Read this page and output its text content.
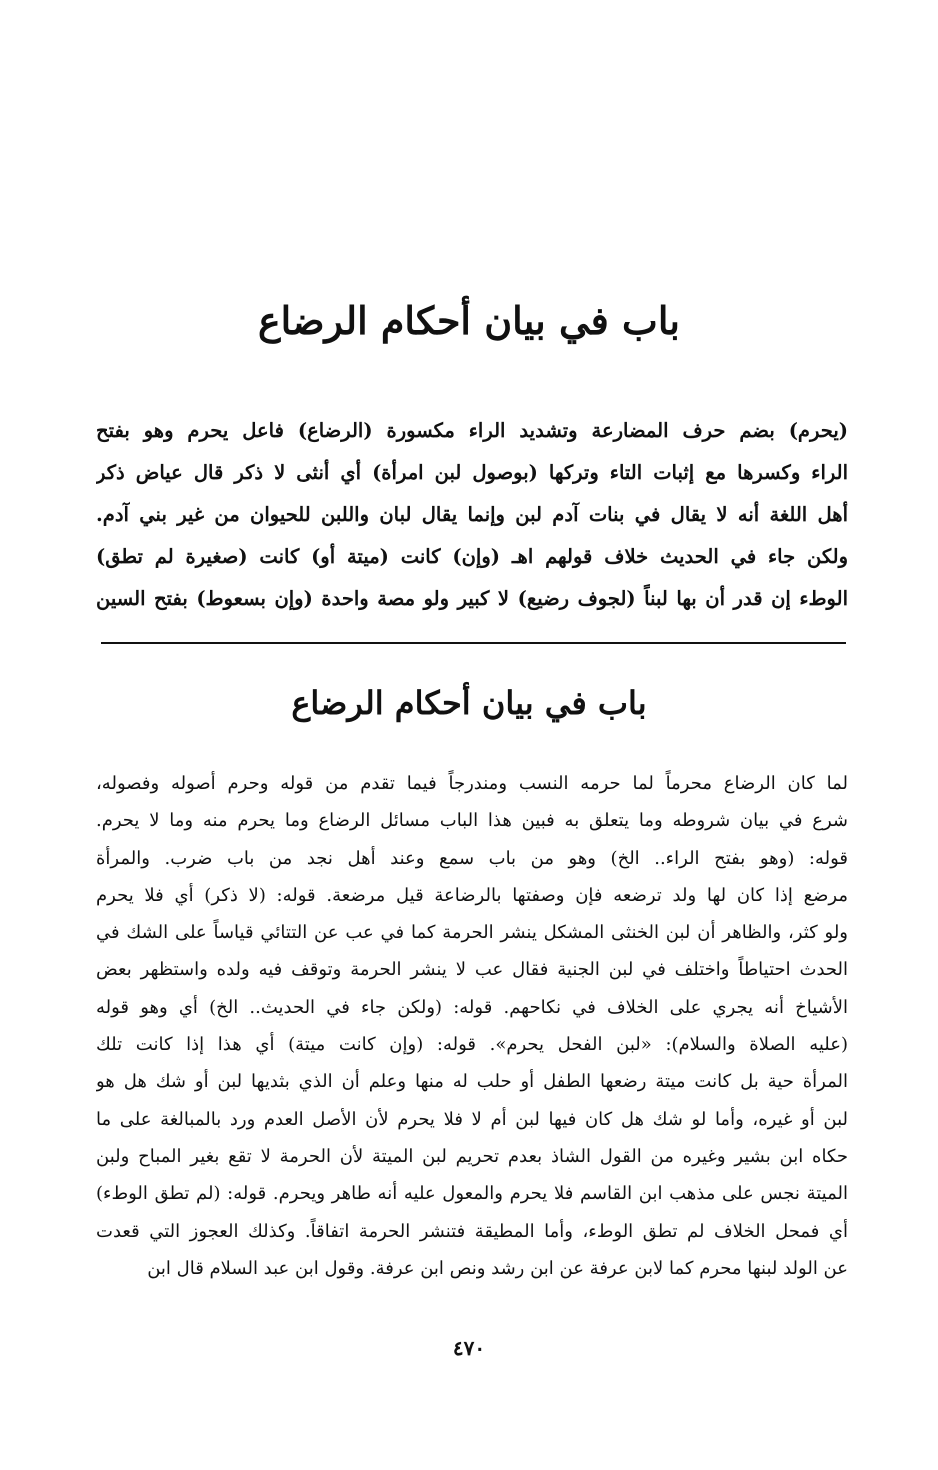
باب في بيان أحكام الرضاع

(يحرم) بضم حرف المضارعة وتشديد الراء مكسورة (الرضاع) فاعل يحرم وهو بفتح

الراء وكسرها مع إثبات التاء وتركها (بوصول لبن امرأة) أي أنثى لا ذكر قال عياض ذكر

أهل اللغة أنه لا يقال في بنات آدم لبن وإنما يقال لبان واللبن للحيوان من غير بني آدم.

ولكن جاء في الحديث خلاف قولهم اهـ (وإن) كانت (ميتة أو) كانت (صغيرة لم تطق)

الوطء إن قدر أن بها لبناً (لجوف رضيع) لا كبير ولو مصة واحدة (وإن بسعوط) بفتح السين

باب في بيان أحكام الرضاع

لما كان الرضاع محرماً لما حرمه النسب ومندرجاً فيما تقدم من قوله وحرم أصوله وفصوله،

شرع في بيان شروطه وما يتعلق به فبين هذا الباب مسائل الرضاع وما يحرم منه وما لا يحرم.

قوله: (وهو بفتح الراء.. الخ) وهو من باب سمع وعند أهل نجد من باب ضرب. والمرأة

مرضع إذا كان لها ولد ترضعه فإن وصفتها بالرضاعة قيل مرضعة. قوله: (لا ذكر) أي فلا يحرم

ولو كثر، والظاهر أن لبن الخنثى المشكل ينشر الحرمة كما في عب عن التتائي قياساً على الشك في

الحدث احتياطاً واختلف في لبن الجنية فقال عب لا ينشر الحرمة وتوقف فيه ولده واستظهر بعض

الأشياخ أنه يجري على الخلاف في نكاحهم. قوله: (ولكن جاء في الحديث.. الخ) أي وهو قوله

(عليه الصلاة والسلام): «لبن الفحل يحرم». قوله: (وإن كانت ميتة) أي هذا إذا كانت تلك

المرأة حية بل كانت ميتة رضعها الطفل أو حلب له منها وعلم أن الذي بثديها لبن أو شك هل هو

لبن أو غيره، وأما لو شك هل كان فيها لبن أم لا فلا يحرم لأن الأصل العدم ورد بالمبالغة على ما

حكاه ابن بشير وغيره من القول الشاذ بعدم تحريم لبن الميتة لأن الحرمة لا تقع بغير المباح ولبن

الميتة نجس على مذهب ابن القاسم فلا يحرم والمعول عليه أنه طاهر ويحرم. قوله: (لم تطق الوطء)

أي فمحل الخلاف لم تطق الوطء، وأما المطيقة فتنشر الحرمة اتفاقاً. وكذلك العجوز التي قعدت

عن الولد لبنها محرم كما لابن عرفة عن ابن رشد ونص ابن عرفة. وقول ابن عبد السلام قال ابن

٤٧٠
